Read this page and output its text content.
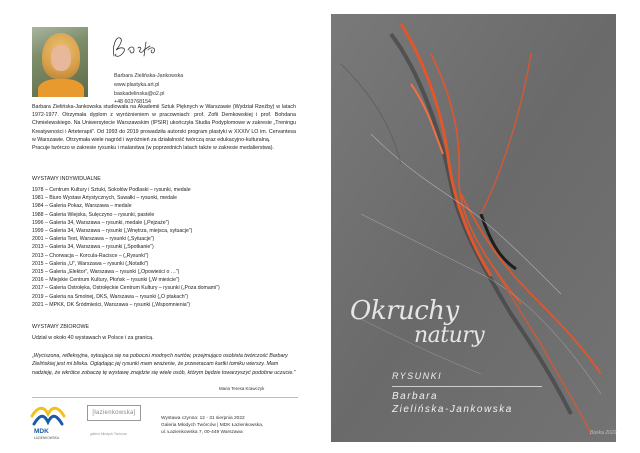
Barbara Zielińska-Jankowska
www.plastyka.art.pl
baskadelinska@o2.pl
+48 603768154

Barbara Zielińska-Jankowska studiowała na Akademii Sztuk Pięknych w Warszawie (Wydział Rzeźby) w latach 1972-1977. Otrzymała dyplom z wyróżnieniem w pracowniach: prof. Zofii Demkowskiej i prof. Bohdana Chmielewskiego. Na Uniwersytecie Warszawskim (IPSIR) ukończyła Studia Podyplomowe w zakresie „Treningu Kreatywności i Arteterapii”. Od 1993 do 2019 prowadziła autorski program plastyki w XXXIV LO im. Cervantesa w Warszawie. Otrzymała wiele nagród i wyróżnień za działalność twórczą oraz edukacyjno-kulturalną.

Pracuje twórczo w zakresie rysunku i malarstwa (w poprzednich latach także w zakresie medalierstwa).

WYSTAWY INDYWIDUALNE
1978 – Centrum Kultury i Sztuki, Sokołów Podlaski – rysunki, medale
1981 – Biuro Wystaw Artystycznych, Suwałki – rysunki, medale
1984 – Galeria Pokaz, Warszawa – medale
1988 – Galeria Wiejska, Sulęczyno – rysunki, pastele
1996 – Galeria 34, Warszawa – rysunki, medale („Pejzaże”)
1999 – Galeria 34, Warszawa – rysunki („Wnętrza, miejsca, sytuacje”)
2001 – Galeria Test, Warszawa – rysunki („Sytuacje”)
2013 – Galeria 34, Warszawa – rysunki („Spotkanie”)
2013 – Chorwacja – Korcula-Racisce – („Rysunki”)
2015 – Galeria „U”, Warszawa – rysunki („Notatki”)
2015 – Galeria „Elektor”, Warszawa – rysunki („Opowieści o …”)
2016 – Miejskie Centrum Kultury, Płońsk – rysunki („W mieście”)
2017 – Galeria Ostrołęka, Ostrołęckie Centrum Kultury – rysunki („Poza domami”)
2019 – Galeria na Smolnej, DKS, Warszawa – rysunki („O ptakach”)
2021 – MPKK, DK Śródmieści, Warszawa – rysunki („Wspomnienia”)
WYSTAWY ZBIOROWE
Udział w około 40 wystawach w Polsce i za granicą.
„Wyciszona, refleksyjna, sytuująca się na poboczu modnych nurtów, przejmująco osobista twórczość Barbary Zielińskiej jest mi bliska. Oglądając jej rysunki mam wrażenie, że przewracam kartki tomiku wierszy. Mam nadzieję, że wkrótce zobaczę tę wystawę znajdzie się wiele osób, którym będzie towarzyszyć podobne uczucie.”
Maria Teresa Krawczyk
MDK
ŁAZIENKOWSKA
[łazienkowska]
galeria Młodych Twórców
Wystawa czynna: 12 - 31 sierpnia 2022
Galeria Młodych Twórców | MDK Łazienkowska,
ul. Łazienkowska 7, 00-449 Warszawa
Okruchy
natury
RYSUNKI
Barbara
Zielińska-Jankowska
Baśka 2022
